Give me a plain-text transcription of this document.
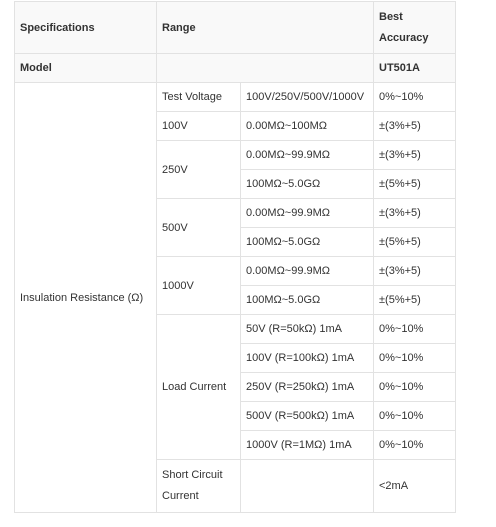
Specifications	Range		Best Accuracy
Model			UT501A
Insulation Resistance (Ω)	Test Voltage	100V/250V/500V/1000V	0%~10%
	100V	0.00MΩ~100MΩ	±(3%+5)
	250V	0.00MΩ~99.9MΩ	±(3%+5)
		100MΩ~5.0GΩ	±(5%+5)
	500V	0.00MΩ~99.9MΩ	±(3%+5)
		100MΩ~5.0GΩ	±(5%+5)
	1000V	0.00MΩ~99.9MΩ	±(3%+5)
		100MΩ~5.0GΩ	±(5%+5)
	Load Current	50V (R=50kΩ) 1mA	0%~10%
		100V (R=100kΩ) 1mA	0%~10%
		250V (R=250kΩ) 1mA	0%~10%
		500V (R=500kΩ) 1mA	0%~10%
		1000V (R=1MΩ) 1mA	0%~10%
	Short Circuit Current		<2mA
